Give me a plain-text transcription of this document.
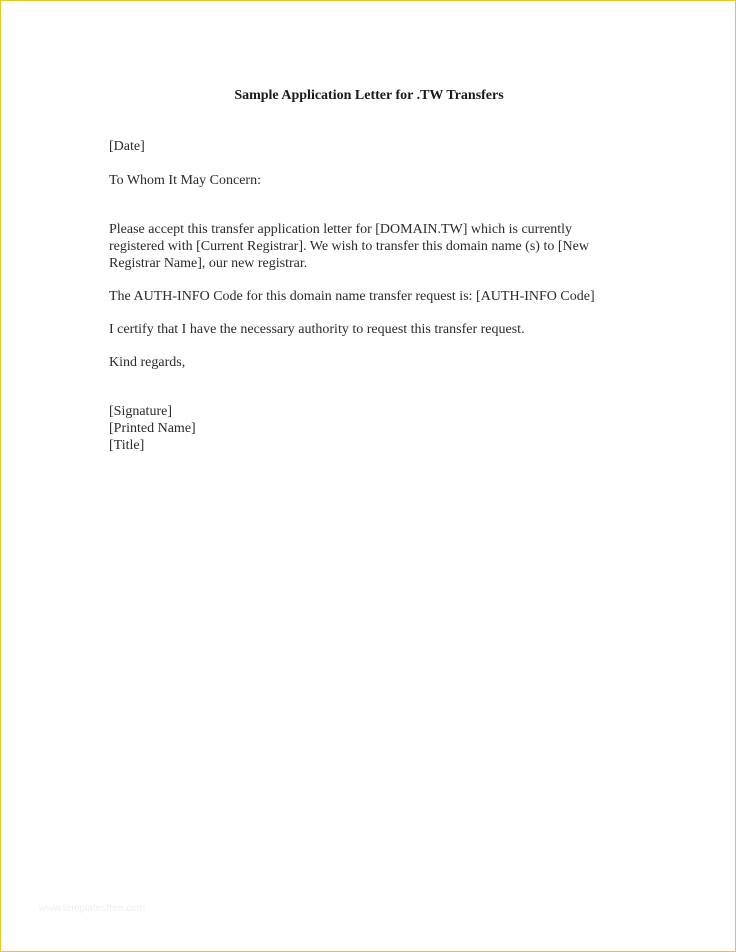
Sample Application Letter for .TW Transfers
[Date]
To Whom It May Concern:
Please accept this transfer application letter for [DOMAIN.TW] which is currently
registered with [Current Registrar]. We wish to transfer this domain name (s) to [New
Registrar Name], our new registrar.
The AUTH-INFO Code for this domain name transfer request is: [AUTH-INFO Code]
I certify that I have the necessary authority to request this transfer request.
Kind regards,
[Signature]
[Printed Name]
[Title]
www.templatesfree.com
